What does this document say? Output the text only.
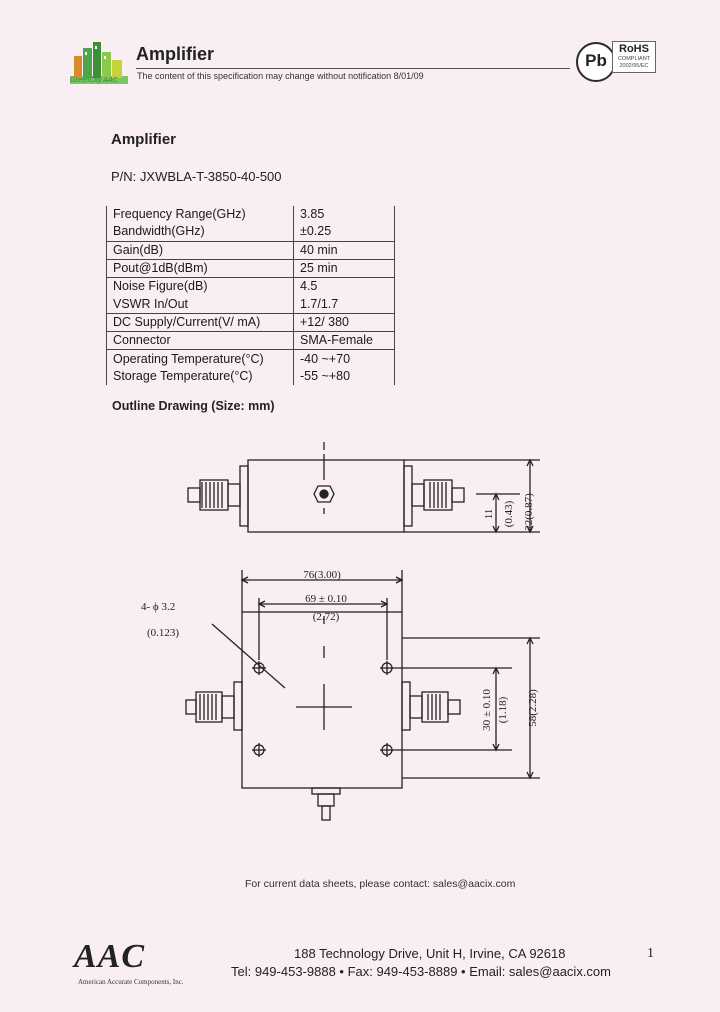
GreenCity AAC
Amplifier
The content of this specification may change without notification 8/01/09
Pb
RoHS
COMPLIANT
2002/95/EC
Amplifier
P/N: JXWBLA-T-3850-40-500
Frequency Range(GHz)	3.85
Bandwidth(GHz)	±0.25
Gain(dB)	40 min
Pout@1dB(dBm)	25 min
Noise Figure(dB)	4.5
VSWR In/Out	1.7/1.7
DC Supply/Current(V/ mA)	+12/ 380
Connector	SMA-Female
Operating Temperature(°C)	-40 ~+70
Storage Temperature(°C)	-55 ~+80
Outline Drawing (Size: mm)
22(0.87)
11 (0.43)
76(3.00)
69 ± 0.10
(2.72)
4- ϕ 3.2
(0.123)
30 ± 0.10 (1.18) 58(2.28)
For current data sheets, please contact: sales@aacix.com
AAC
American Accurate Components, Inc.
188 Technology Drive, Unit H, Irvine, CA 92618
Tel: 949-453-9888 • Fax: 949-453-8889 • Email: sales@aacix.com
1
